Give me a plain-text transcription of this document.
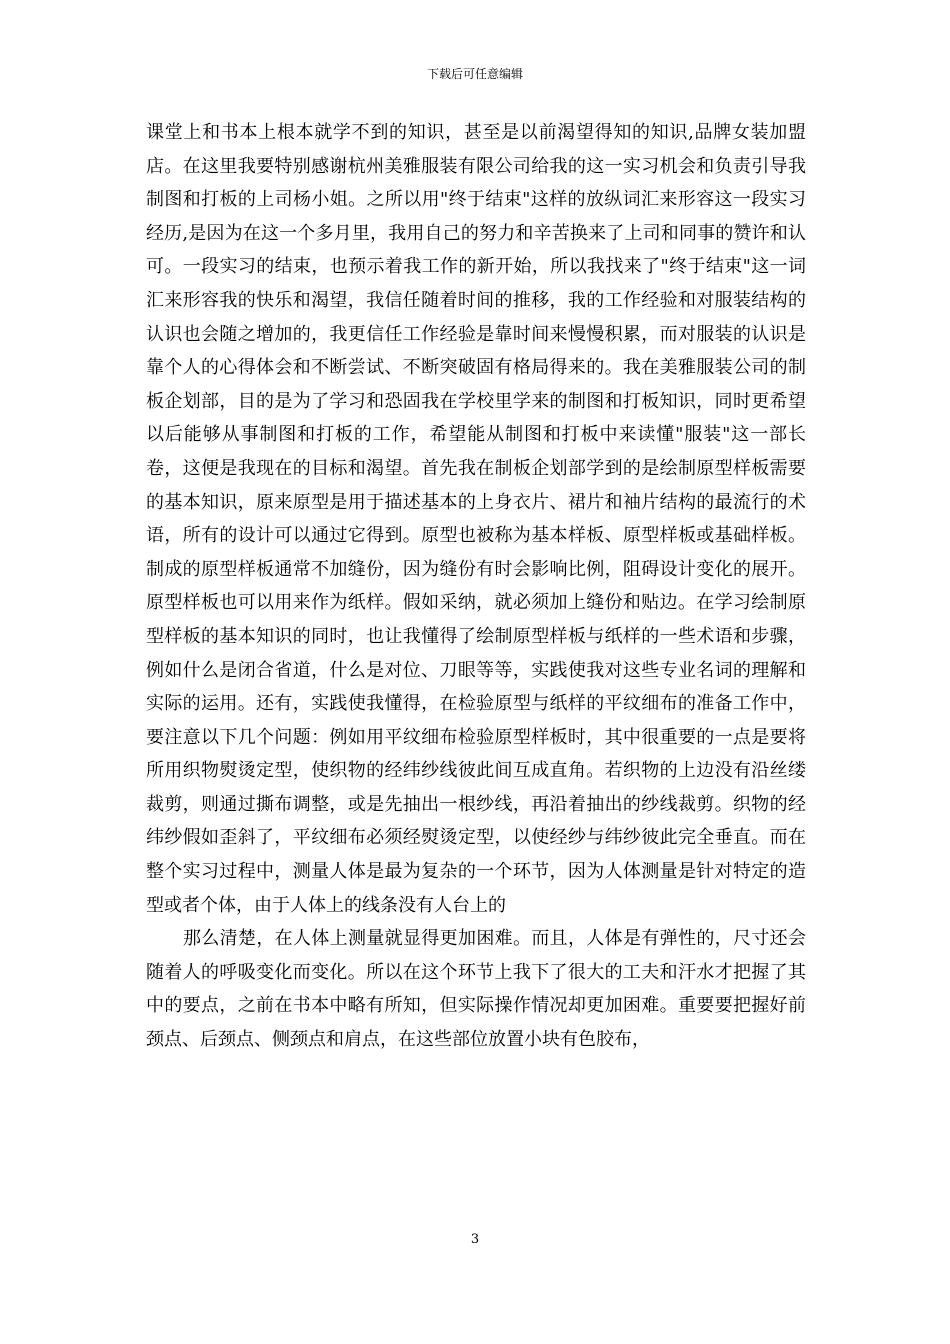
下载后可任意编辑

课堂上和书本上根本就学不到的知识，甚至是以前渴望得知的知识,品牌女装加盟店。在这里我要特别感谢杭州美雅服装有限公司给我的这一实习机会和负责引导我制图和打板的上司杨小姐。之所以用"终于结束"这样的放纵词汇来形容这一段实习经历,是因为在这一个多月里，我用自己的努力和辛苦换来了上司和同事的赞许和认可。一段实习的结束，也预示着我工作的新开始，所以我找来了"终于结束"这一词汇来形容我的快乐和渴望，我信任随着时间的推移，我的工作经验和对服装结构的认识也会随之增加的，我更信任工作经验是靠时间来慢慢积累，而对服装的认识是靠个人的心得体会和不断尝试、不断突破固有格局得来的。我在美雅服装公司的制板企划部，目的是为了学习和恐固我在学校里学来的制图和打板知识，同时更希望以后能够从事制图和打板的工作，希望能从制图和打板中来读懂"服装"这一部长卷，这便是我现在的目标和渴望。首先我在制板企划部学到的是绘制原型样板需要的基本知识，原来原型是用于描述基本的上身衣片、裙片和袖片结构的最流行的术语，所有的设计可以通过它得到。原型也被称为基本样板、原型样板或基础样板。制成的原型样板通常不加缝份，因为缝份有时会影响比例，阻碍设计变化的展开。原型样板也可以用来作为纸样。假如采纳，就必须加上缝份和贴边。在学习绘制原型样板的基本知识的同时，也让我懂得了绘制原型样板与纸样的一些术语和步骤，例如什么是闭合省道，什么是对位、刀眼等等，实践使我对这些专业名词的理解和实际的运用。还有，实践使我懂得，在检验原型与纸样的平纹细布的准备工作中，要注意以下几个问题：例如用平纹细布检验原型样板时，其中很重要的一点是要将所用织物熨烫定型，使织物的经纬纱线彼此间互成直角。若织物的上边没有沿丝缕裁剪，则通过撕布调整，或是先抽出一根纱线，再沿着抽出的纱线裁剪。织物的经纬纱假如歪斜了，平纹细布必须经熨烫定型，以使经纱与纬纱彼此完全垂直。而在整个实习过程中，测量人体是最为复杂的一个环节，因为人体测量是针对特定的造型或者个体，由于人体上的线条没有人台上的

那么清楚，在人体上测量就显得更加困难。而且，人体是有弹性的，尺寸还会随着人的呼吸变化而变化。所以在这个环节上我下了很大的工夫和汗水才把握了其中的要点，之前在书本中略有所知，但实际操作情况却更加困难。重要要把握好前颈点、后颈点、侧颈点和肩点，在这些部位放置小块有色胶布，

3
